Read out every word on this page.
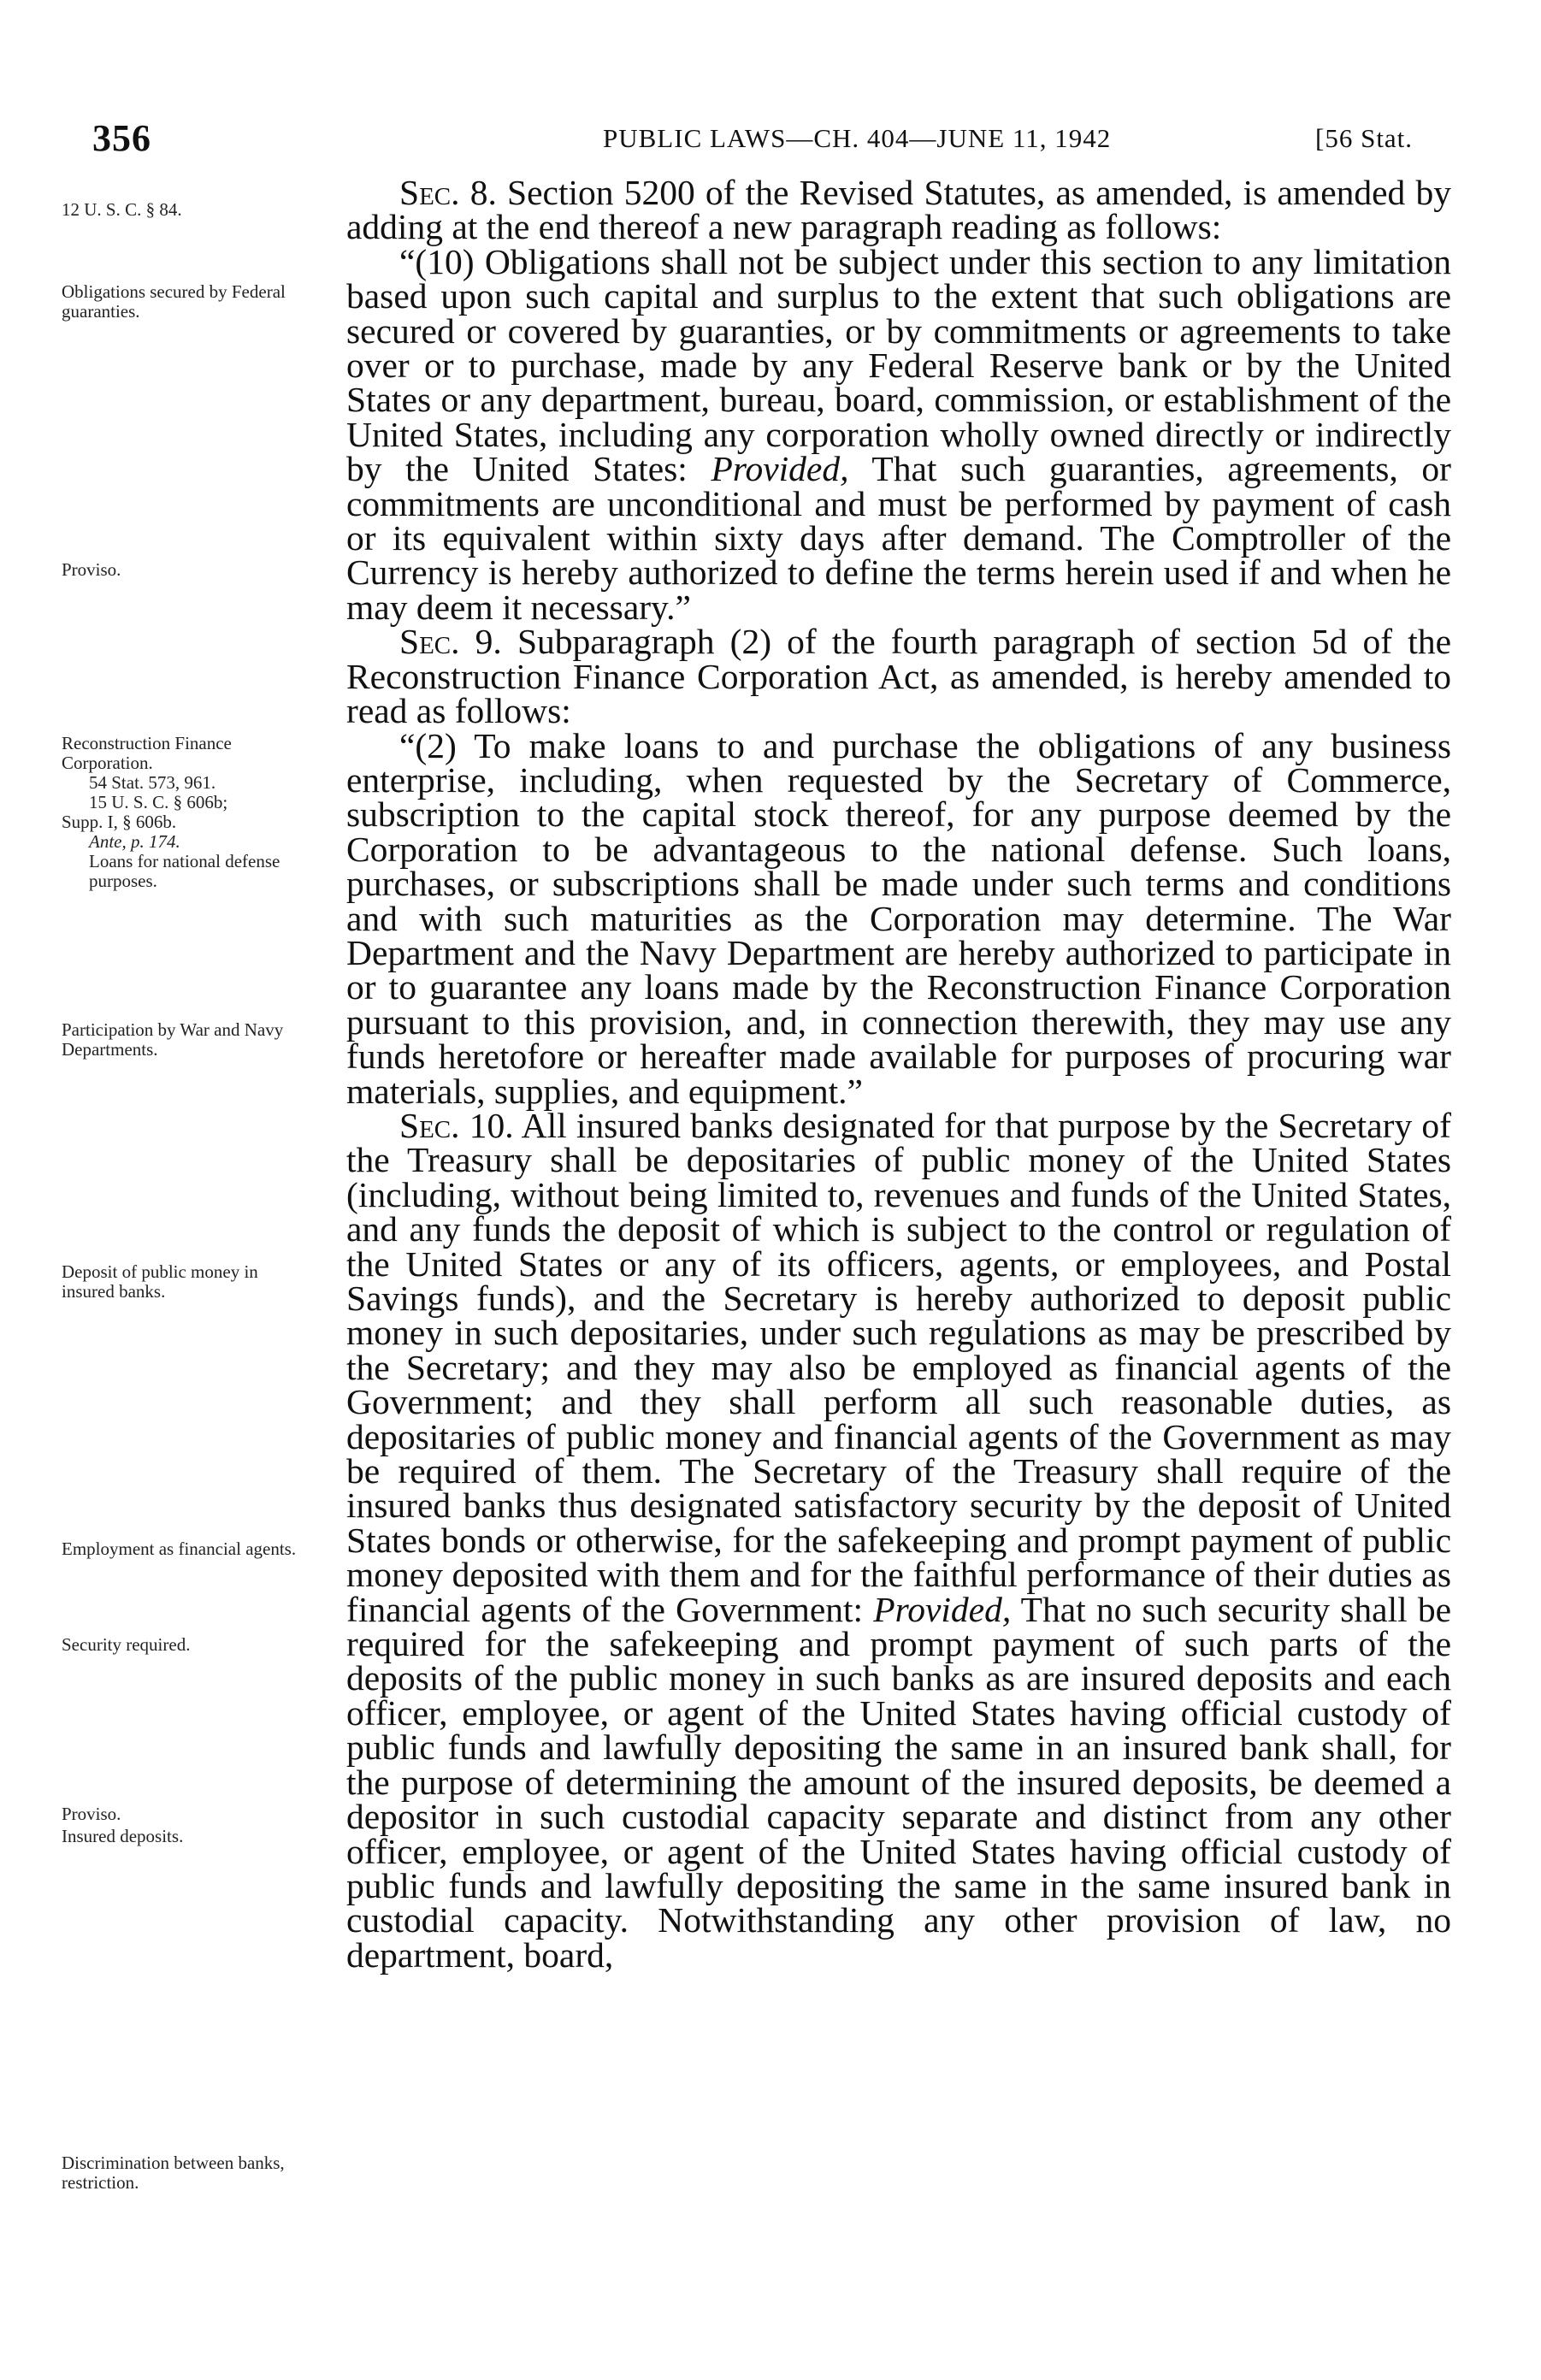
356	PUBLIC LAWS—CH. 404—JUNE 11, 1942	[56 Stat.
12 U. S. C. § 84.
Obligations secured by Federal guaranties.
Proviso.
Reconstruction Finance Corporation.
54 Stat. 573, 961.
15 U. S. C. § 606b;
Supp. I, § 606b.
Ante, p. 174.
Loans for national defense purposes.
Participation by War and Navy Departments.
Deposit of public money in insured banks.
Employment as financial agents.
Security required.
Proviso.
Insured deposits.
Discrimination between banks, restriction.

Sec. 8. Section 5200 of the Revised Statutes, as amended, is amended by adding at the end thereof a new paragraph reading as follows:

“(10) Obligations shall not be subject under this section to any limitation based upon such capital and surplus to the extent that such obligations are secured or covered by guaranties, or by commitments or agreements to take over or to purchase, made by any Federal Reserve bank or by the United States or any department, bureau, board, commission, or establishment of the United States, including any corporation wholly owned directly or indirectly by the United States: Provided, That such guaranties, agreements, or commitments are unconditional and must be performed by payment of cash or its equivalent within sixty days after demand. The Comptroller of the Currency is hereby authorized to define the terms herein used if and when he may deem it necessary.”

Sec. 9. Subparagraph (2) of the fourth paragraph of section 5d of the Reconstruction Finance Corporation Act, as amended, is hereby amended to read as follows:

“(2) To make loans to and purchase the obligations of any business enterprise, including, when requested by the Secretary of Commerce, subscription to the capital stock thereof, for any purpose deemed by the Corporation to be advantageous to the national defense. Such loans, purchases, or subscriptions shall be made under such terms and conditions and with such maturities as the Corporation may determine. The War Department and the Navy Department are hereby authorized to participate in or to guarantee any loans made by the Reconstruction Finance Corporation pursuant to this provision, and, in connection therewith, they may use any funds heretofore or hereafter made available for purposes of procuring war materials, supplies, and equipment.”

Sec. 10. All insured banks designated for that purpose by the Secretary of the Treasury shall be depositaries of public money of the United States (including, without being limited to, revenues and funds of the United States, and any funds the deposit of which is subject to the control or regulation of the United States or any of its officers, agents, or employees, and Postal Savings funds), and the Secretary is hereby authorized to deposit public money in such depositaries, under such regulations as may be prescribed by the Secretary; and they may also be employed as financial agents of the Government; and they shall perform all such reasonable duties, as depositaries of public money and financial agents of the Government as may be required of them. The Secretary of the Treasury shall require of the insured banks thus designated satisfactory security by the deposit of United States bonds or otherwise, for the safekeeping and prompt payment of public money deposited with them and for the faithful performance of their duties as financial agents of the Government: Provided, That no such security shall be required for the safekeeping and prompt payment of such parts of the deposits of the public money in such banks as are insured deposits and each officer, employee, or agent of the United States having official custody of public funds and lawfully depositing the same in an insured bank shall, for the purpose of determining the amount of the insured deposits, be deemed a depositor in such custodial capacity separate and distinct from any other officer, employee, or agent of the United States having official custody of public funds and lawfully depositing the same in the same insured bank in custodial capacity. Notwithstanding any other provision of law, no department, board,
